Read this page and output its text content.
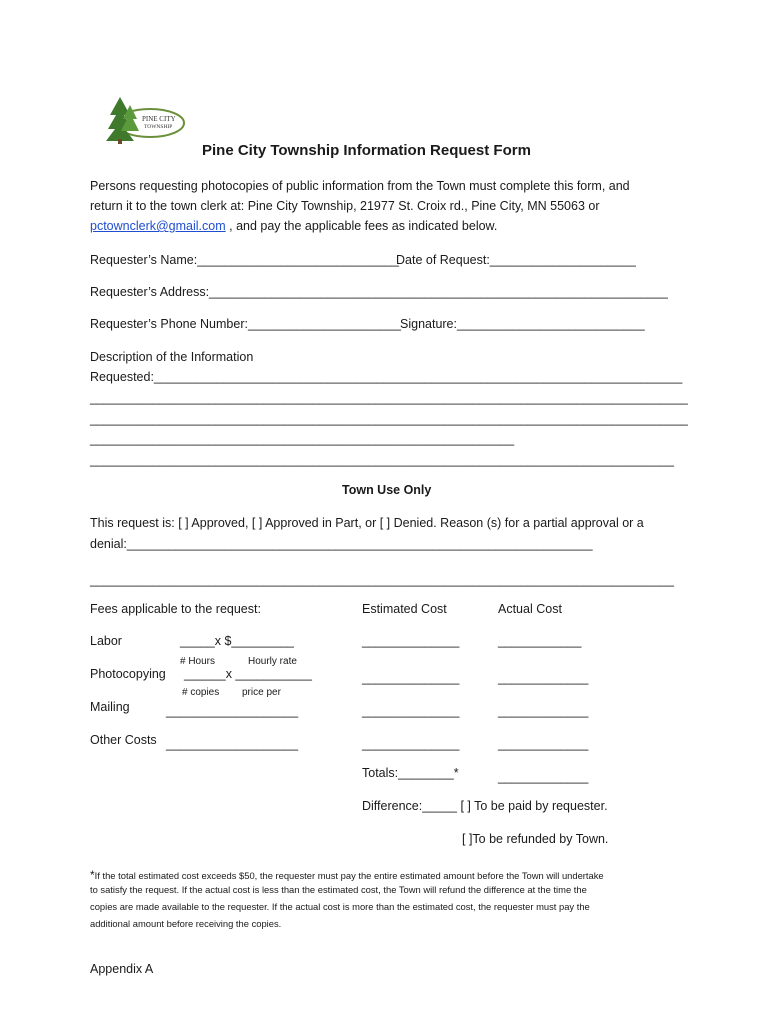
PINE CITY
TOWNSHIP
Pine City Township Information Request Form
Persons requesting photocopies of public information from the Town must complete this form, and
return it to the town clerk at: Pine City Township, 21977 St. Croix rd., Pine City, MN 55063 or
pctownclerk@gmail.com , and pay the applicable fees as indicated below.
Requester’s Name:_____________________________
Date of Request:_____________________
Requester’s Address:__________________________________________________________________
Requester’s Phone Number:______________________ Signature:___________________________
Description of the Information
Requested:____________________________________________________________________________
______________________________________________________________________________________
______________________________________________________________________________________
_____________________________________________________________
____________________________________________________________________________________
Town Use Only
This request is: [ ] Approved, [ ] Approved in Part, or [ ] Denied. Reason (s) for a partial approval or a
denial:___________________________________________________________________
____________________________________________________________________________________
Fees applicable to the request:	Estimated Cost	Actual Cost
Labor	_____x $_________	______________	____________
# Hours	Hourly rate
Photocopying ______x ___________	______________	_____________
# copies price per
Mailing	___________________	______________	_____________
Other Costs ___________________	______________	_____________
Totals:________*	_____________
Difference:_____ [ ] To be paid by requester.
[ ]To be refunded by Town.
*If the total estimated cost exceeds $50, the requester must pay the entire estimated amount before the Town will undertake
to satisfy the request. If the actual cost is less than the estimated cost, the Town will refund the difference at the time the
copies are made available to the requester. If the actual cost is more than the estimated cost, the requester must pay the
additional amount before receiving the copies.
Appendix A
